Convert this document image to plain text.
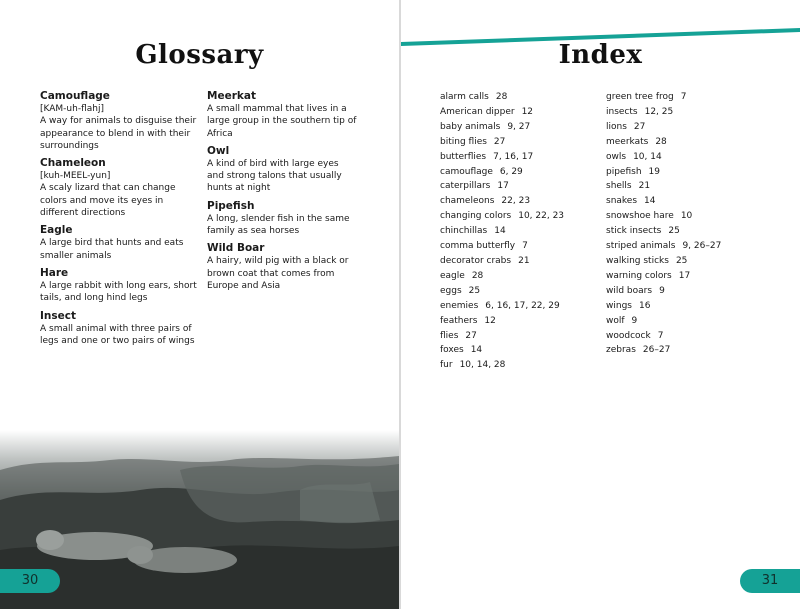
Glossary
Camouflage
[KAM-uh-flahj]
A way for animals to disguise their appearance to blend in with their surroundings
Chameleon
[kuh-MEEL-yun]
A scaly lizard that can change colors and move its eyes in different directions
Eagle
A large bird that hunts and eats smaller animals
Hare
A large rabbit with long ears, short tails, and long hind legs
Insect
A small animal with three pairs of legs and one or two pairs of wings
Meerkat
A small mammal that lives in a large group in the southern tip of Africa
Owl
A kind of bird with large eyes and strong talons that usually hunts at night
Pipefish
A long, slender fish in the same family as sea horses
Wild Boar
A hairy, wild pig with a black or brown coat that comes from Europe and Asia
30
Index
alarm calls 28
American dipper 12
baby animals 9, 27
biting flies 27
butterflies 7, 16, 17
camouflage 6, 29
caterpillars 17
chameleons 22, 23
changing colors 10, 22, 23
chinchillas 14
comma butterfly 7
decorator crabs 21
eagle 28
eggs 25
enemies 6, 16, 17, 22, 29
feathers 12
flies 27
foxes 14
fur 10, 14, 28
green tree frog 7
insects 12, 25
lions 27
meerkats 28
owls 10, 14
pipefish 19
shells 21
snakes 14
snowshoe hare 10
stick insects 25
striped animals 9, 26–27
walking sticks 25
warning colors 17
wild boars 9
wings 16
wolf 9
woodcock 7
zebras 26–27
31
